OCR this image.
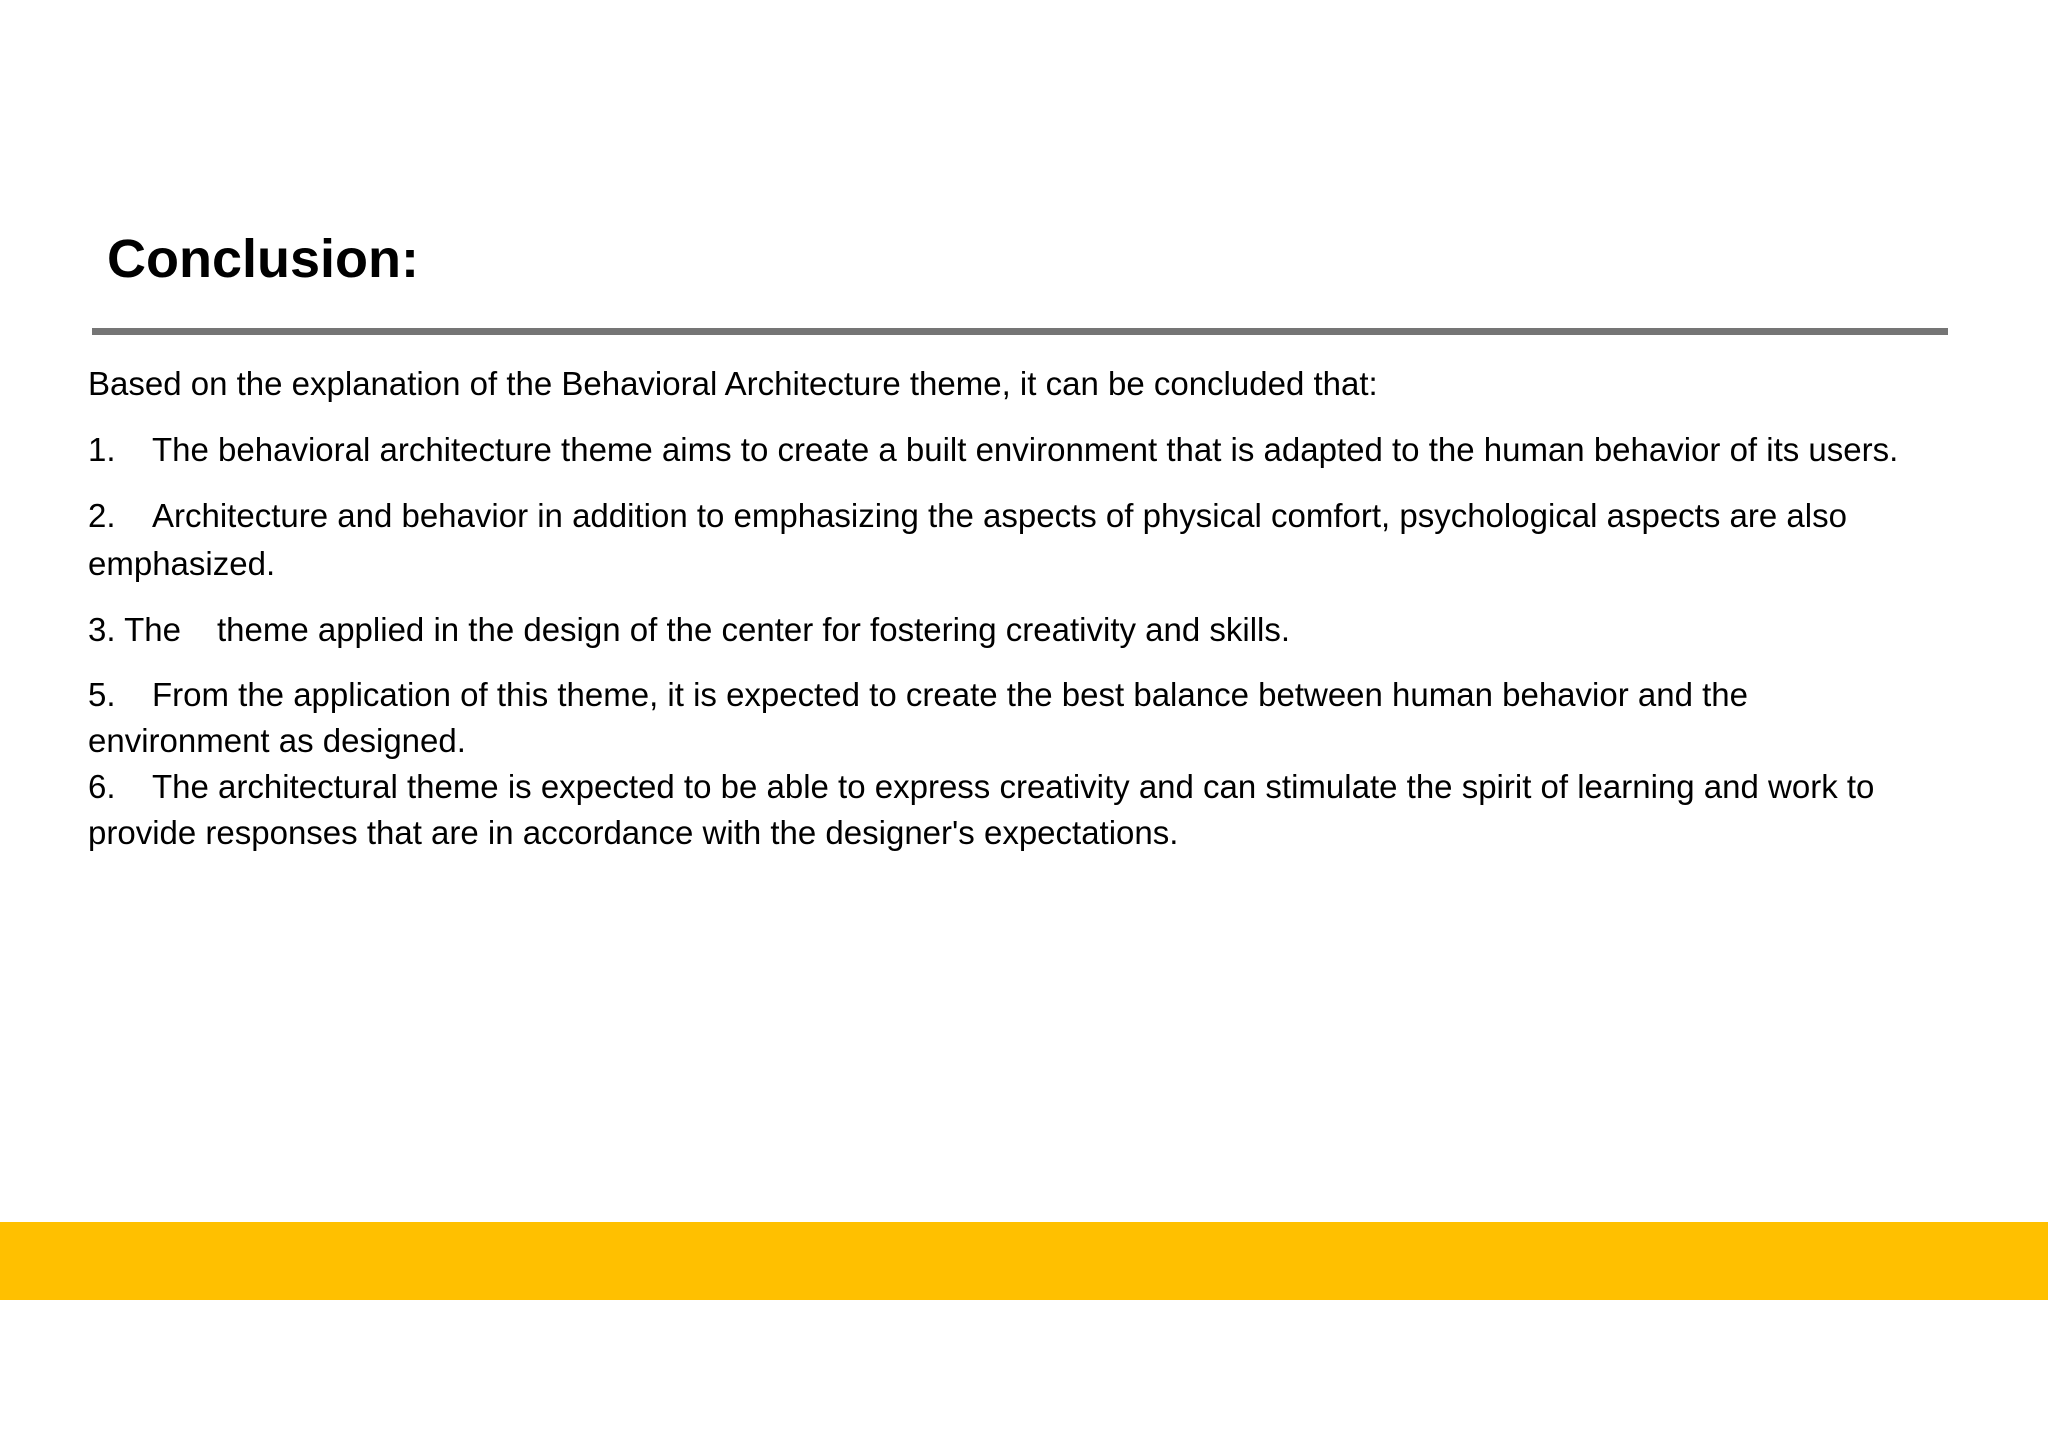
Conclusion:

Based on the explanation of the Behavioral Architecture theme, it can be concluded that:

1. The behavioral architecture theme aims to create a built environment that is adapted to the human behavior of its users.

2. Architecture and behavior in addition to emphasizing the aspects of physical comfort, psychological aspects are also emphasized.

3. The theme applied in the design of the center for fostering creativity and skills.

5. From the application of this theme, it is expected to create the best balance between human behavior and the environment as designed.

6. The architectural theme is expected to be able to express creativity and can stimulate the spirit of learning and work to provide responses that are in accordance with the designer's expectations.
